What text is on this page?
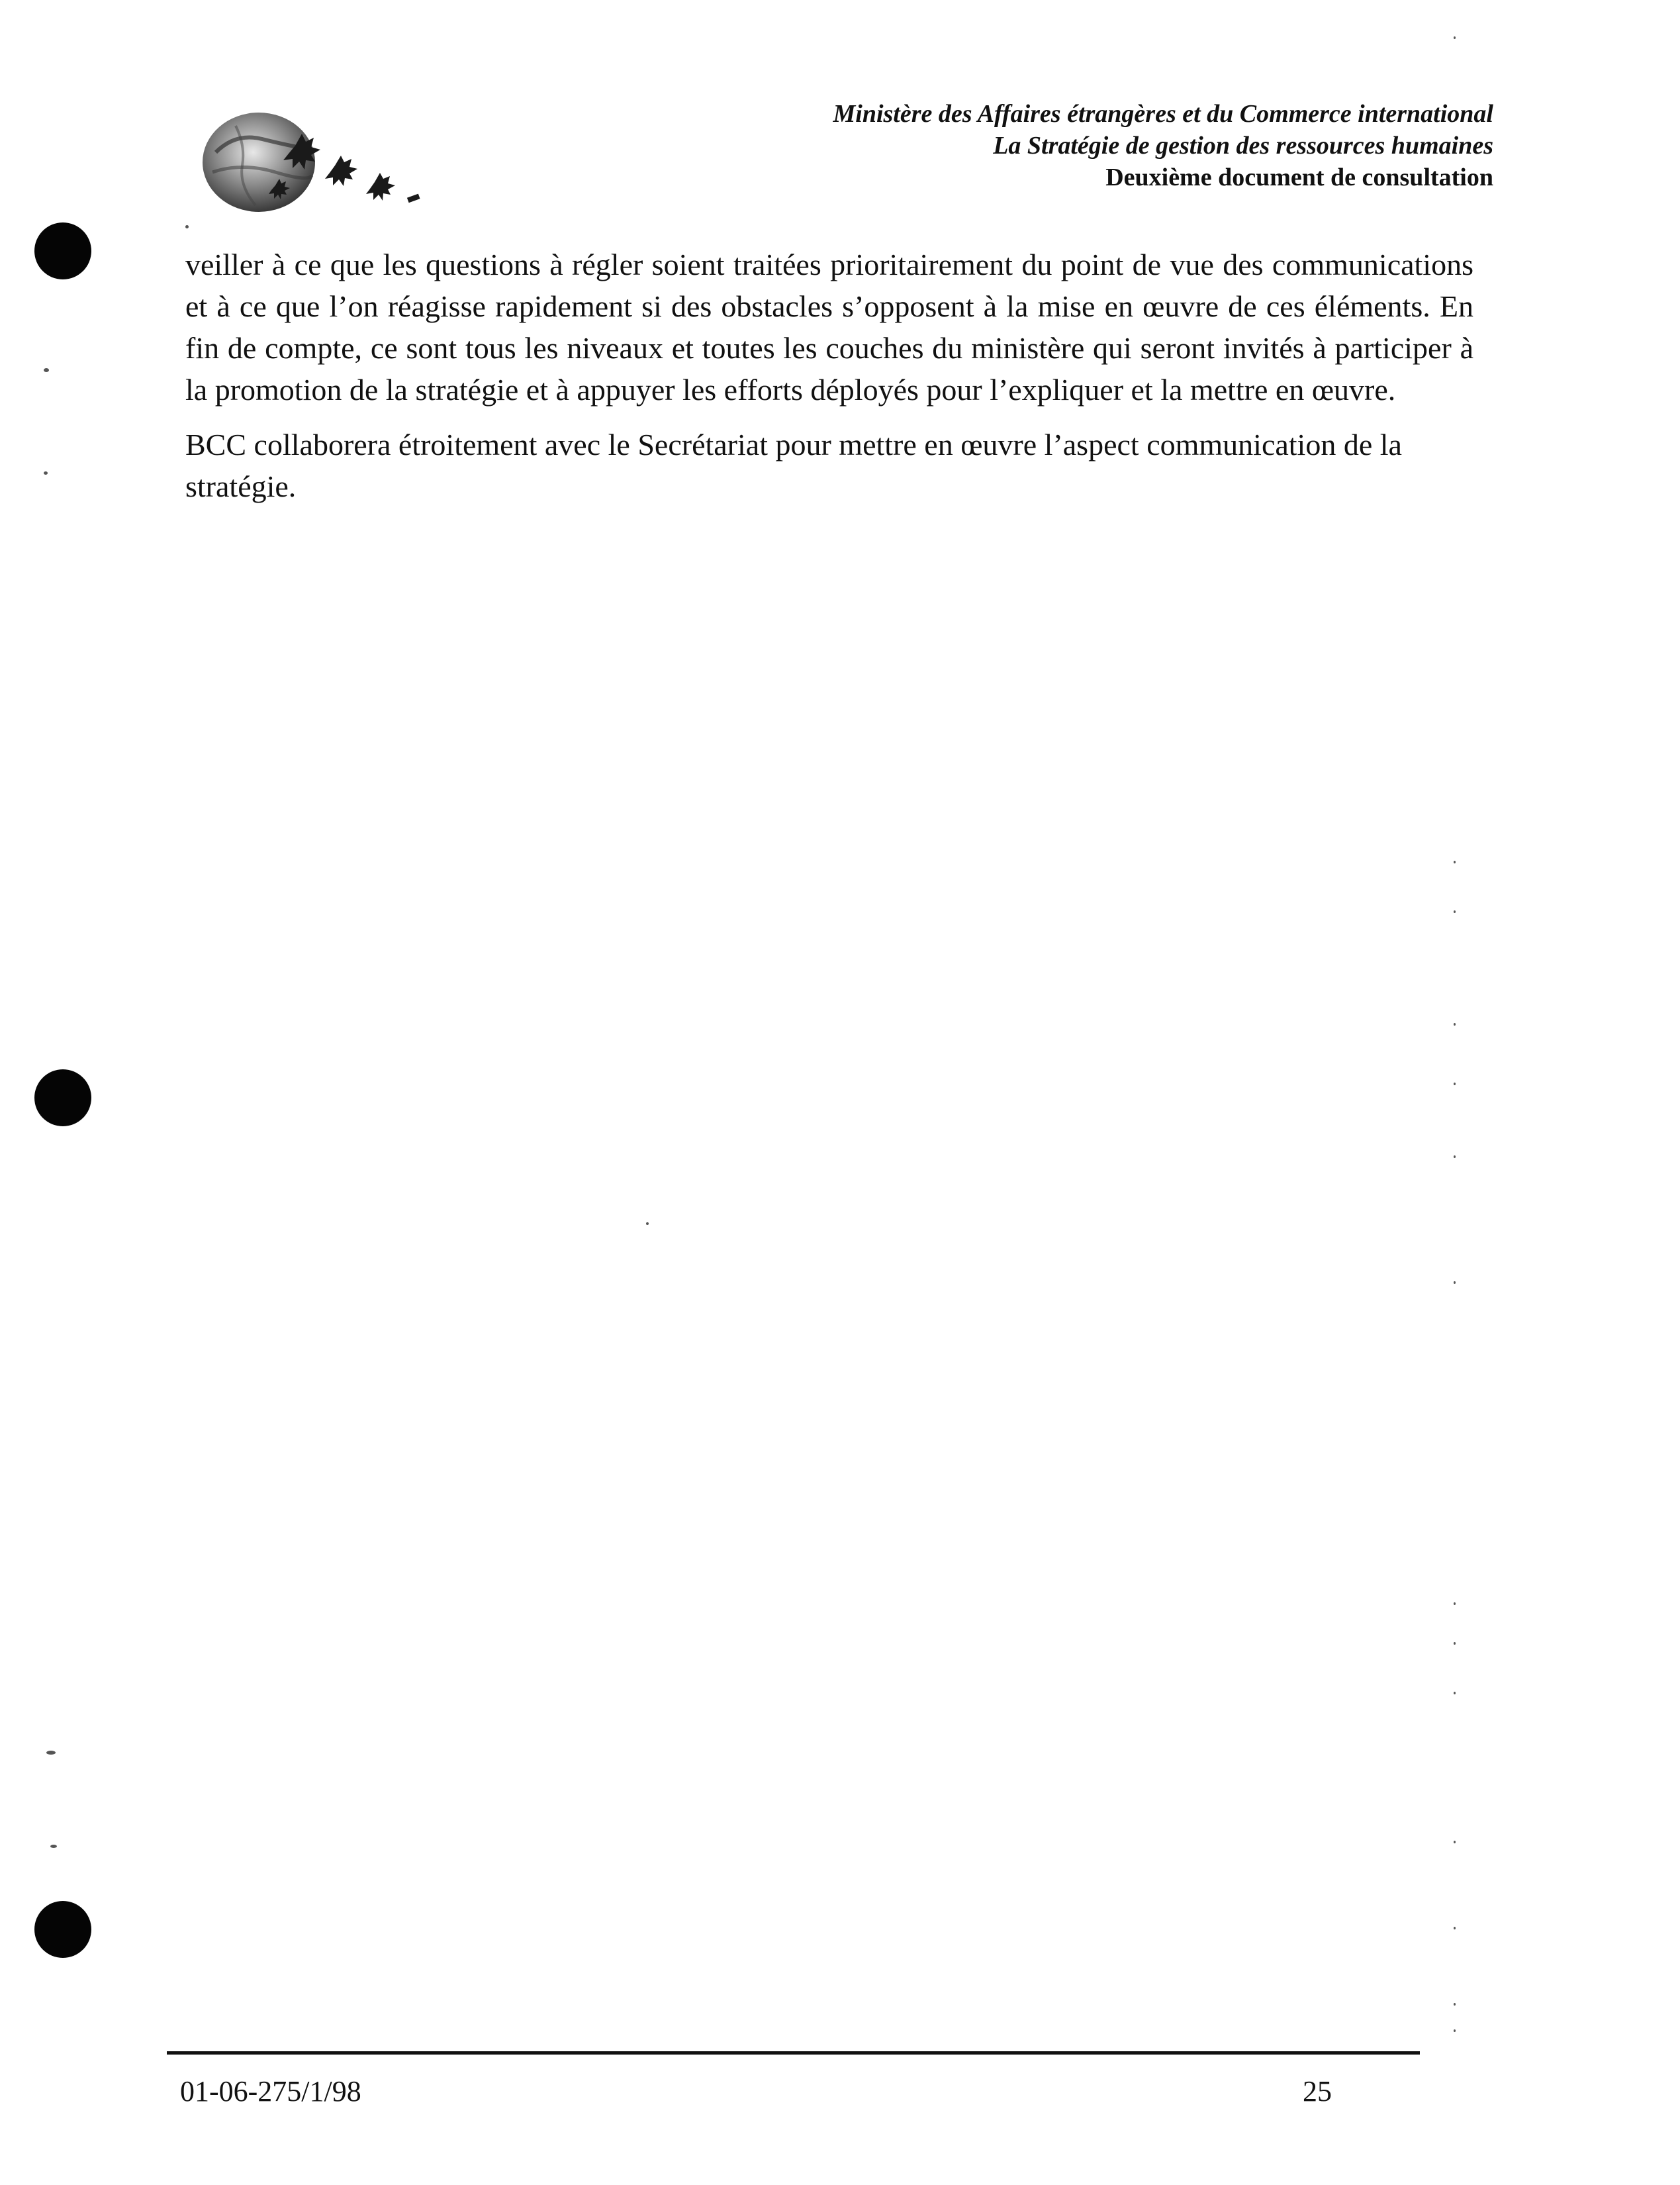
Ministère des Affaires étrangères et du Commerce international
La Stratégie de gestion des ressources humaines
Deuxième document de consultation

veiller à ce que les questions à régler soient traitées prioritairement du point de vue des communications et à ce que l’on réagisse rapidement si des obstacles s’opposent à la mise en œuvre de ces éléments. En fin de compte, ce sont tous les niveaux et toutes les couches du ministère qui seront invités à participer à la promotion de la stratégie et à appuyer les efforts déployés pour l’expliquer et la mettre en œuvre.

BCC collaborera étroitement avec le Secrétariat pour mettre en œuvre l’aspect communication de la stratégie.

01-06-275/1/98	25
